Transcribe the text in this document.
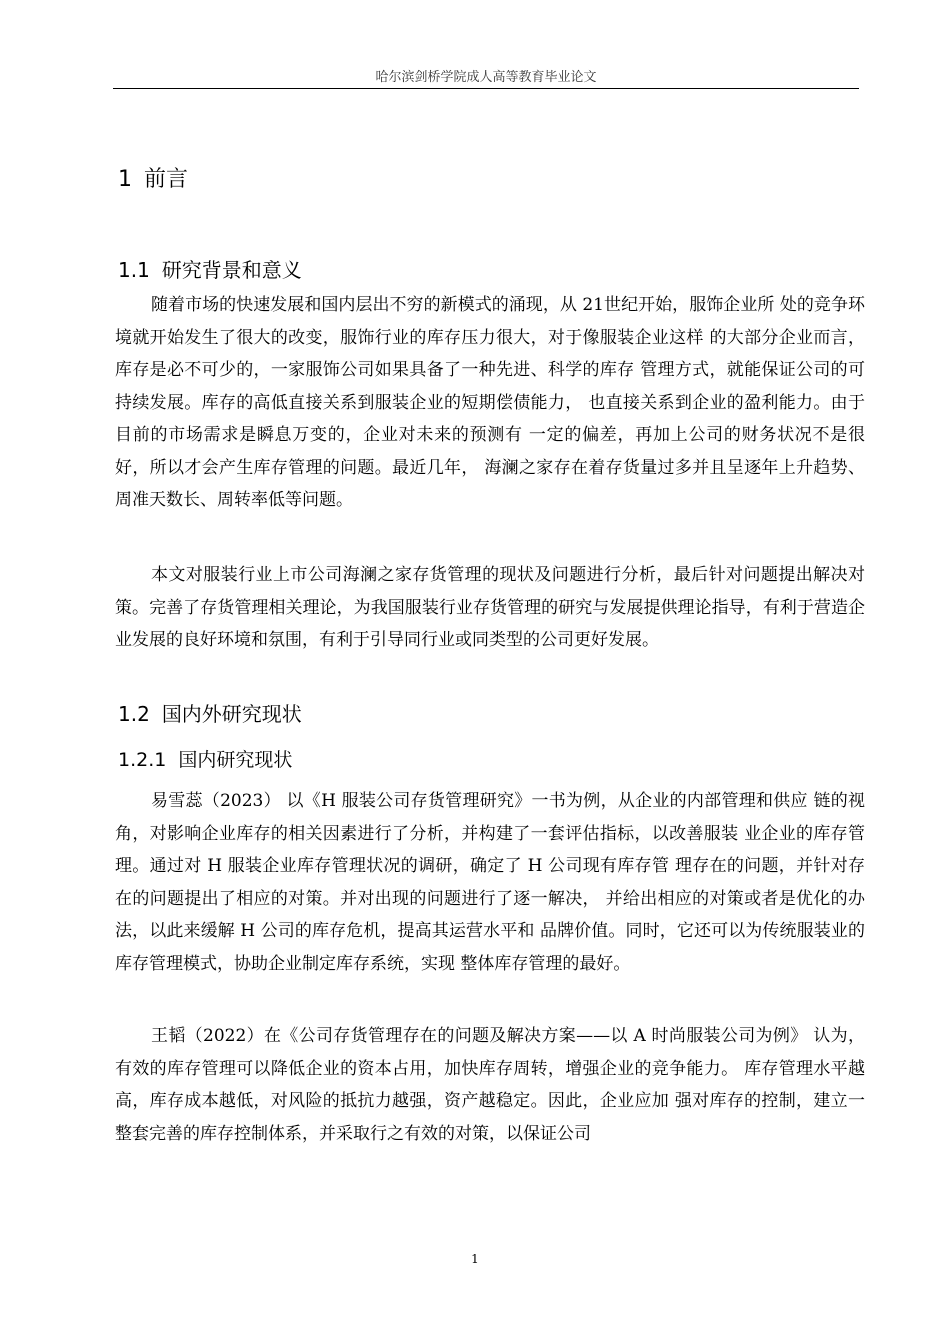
哈尔滨剑桥学院成人高等教育毕业论文
1 前言
1.1 研究背景和意义

随着市场的快速发展和国内层出不穷的新模式的涌现，从 21世纪开始，服饰企业所 处的竞争环境就开始发生了很大的改变，服饰行业的库存压力很大，对于像服装企业这样 的大部分企业而言，库存是必不可少的，一家服饰公司如果具备了一种先进、科学的库存 管理方式，就能保证公司的可持续发展。库存的高低直接关系到服装企业的短期偿债能力， 也直接关系到企业的盈利能力。由于目前的市场需求是瞬息万变的，企业对未来的预测有 一定的偏差，再加上公司的财务状况不是很好，所以才会产生库存管理的问题。最近几年， 海澜之家存在着存货量过多并且呈逐年上升趋势、周准天数长、周转率低等问题。

本文对服装行业上市公司海澜之家存货管理的现状及问题进行分析，最后针对问题提出解决对策。完善了存货管理相关理论，为我国服装行业存货管理的研究与发展提供理论指导，有利于营造企业发展的良好环境和氛围，有利于引导同行业或同类型的公司更好发展。

1.2 国内外研究现状
1.2.1 国内研究现状

易雪蕊（2023） 以《H 服装公司存货管理研究》一书为例，从企业的内部管理和供应 链的视角，对影响企业库存的相关因素进行了分析，并构建了一套评估指标，以改善服装 业企业的库存管理。通过对 H 服装企业库存管理状况的调研，确定了 H 公司现有库存管 理存在的问题，并针对存在的问题提出了相应的对策。并对出现的问题进行了逐一解决， 并给出相应的对策或者是优化的办法，以此来缓解 H 公司的库存危机，提高其运营水平和 品牌价值。同时，它还可以为传统服装业的库存管理模式，协助企业制定库存系统，实现 整体库存管理的最好。

王韬（2022）在《公司存货管理存在的问题及解决方案——以 A 时尚服装公司为例》 认为，有效的库存管理可以降低企业的资本占用，加快库存周转，增强企业的竞争能力。 库存管理水平越高，库存成本越低，对风险的抵抗力越强，资产越稳定。因此，企业应加 强对库存的控制，建立一整套完善的库存控制体系，并采取行之有效的对策，以保证公司

1
